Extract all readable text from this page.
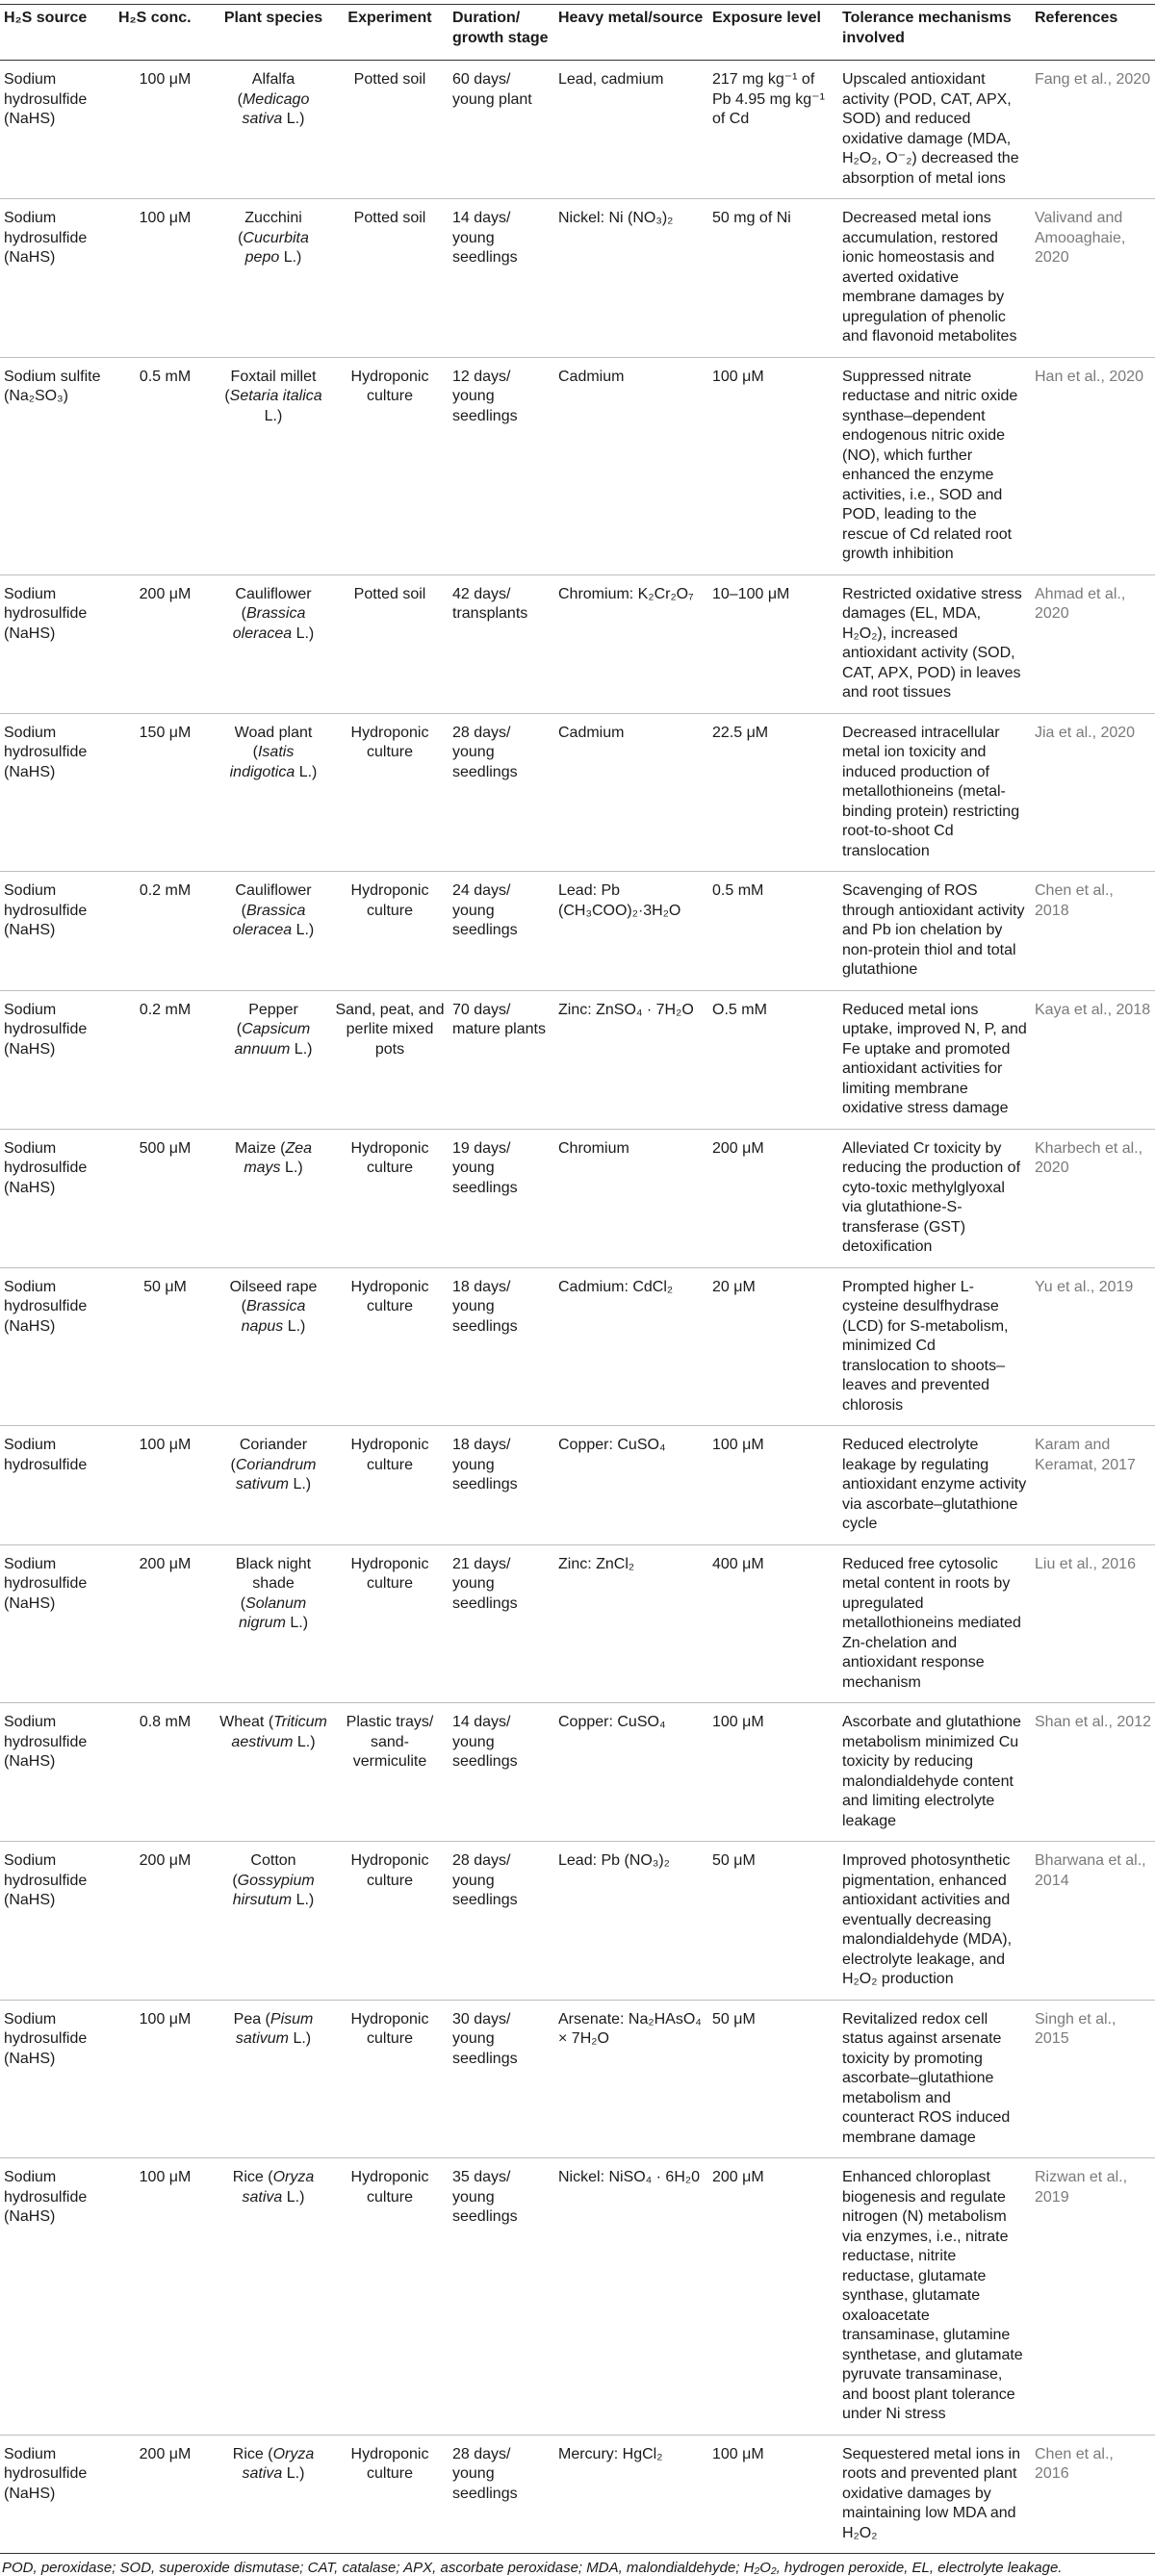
H₂S source	H₂S conc.	Plant species	Experiment	Duration/ growth stage	Heavy metal/source	Exposure level	Tolerance mechanisms involved	References
Sodium hydrosulfide (NaHS)	100 μM	Alfalfa (Medicago sativa L.)	Potted soil	60 days/ young plant	Lead, cadmium	217 mg kg⁻¹ of Pb 4.95 mg kg⁻¹ of Cd	Upscaled antioxidant activity (POD, CAT, APX, SOD) and reduced oxidative damage (MDA, H₂O₂, O⁻₂) decreased the absorption of metal ions	Fang et al., 2020
Sodium hydrosulfide (NaHS)	100 μM	Zucchini (Cucurbita pepo L.)	Potted soil	14 days/ young seedlings	Nickel: Ni (NO₃)₂	50 mg of Ni	Decreased metal ions accumulation, restored ionic homeostasis and averted oxidative membrane damages by upregulation of phenolic and flavonoid metabolites	Valivand and Amooaghaie, 2020
Sodium sulfite (Na₂SO₃)	0.5 mM	Foxtail millet (Setaria italica L.)	Hydroponic culture	12 days/ young seedlings	Cadmium	100 μM	Suppressed nitrate reductase and nitric oxide synthase–dependent endogenous nitric oxide (NO), which further enhanced the enzyme activities, i.e., SOD and POD, leading to the rescue of Cd related root growth inhibition	Han et al., 2020
Sodium hydrosulfide (NaHS)	200 μM	Cauliflower (Brassica oleracea L.)	Potted soil	42 days/ transplants	Chromium: K₂Cr₂O₇	10–100 μM	Restricted oxidative stress damages (EL, MDA, H₂O₂), increased antioxidant activity (SOD, CAT, APX, POD) in leaves and root tissues	Ahmad et al., 2020
Sodium hydrosulfide (NaHS)	150 μM	Woad plant (Isatis indigotica L.)	Hydroponic culture	28 days/ young seedlings	Cadmium	22.5 μM	Decreased intracellular metal ion toxicity and induced production of metallothioneins (metal-binding protein) restricting root-to-shoot Cd translocation	Jia et al., 2020
Sodium hydrosulfide (NaHS)	0.2 mM	Cauliflower (Brassica oleracea L.)	Hydroponic culture	24 days/ young seedlings	Lead: Pb (CH₃COO)₂·3H₂O	0.5 mM	Scavenging of ROS through antioxidant activity and Pb ion chelation by non-protein thiol and total glutathione	Chen et al., 2018
Sodium hydrosulfide (NaHS)	0.2 mM	Pepper (Capsicum annuum L.)	Sand, peat, and perlite mixed pots	70 days/ mature plants	Zinc: ZnSO₄ · 7H₂O	O.5 mM	Reduced metal ions uptake, improved N, P, and Fe uptake and promoted antioxidant activities for limiting membrane oxidative stress damage	Kaya et al., 2018
Sodium hydrosulfide (NaHS)	500 μM	Maize (Zea mays L.)	Hydroponic culture	19 days/ young seedlings	Chromium	200 μM	Alleviated Cr toxicity by reducing the production of cyto-toxic methylglyoxal via glutathione-S-transferase (GST) detoxification	Kharbech et al., 2020
Sodium hydrosulfide (NaHS)	50 μM	Oilseed rape (Brassica napus L.)	Hydroponic culture	18 days/ young seedlings	Cadmium: CdCl₂	20 μM	Prompted higher L-cysteine desulfhydrase (LCD) for S-metabolism, minimized Cd translocation to shoots–leaves and prevented chlorosis	Yu et al., 2019
Sodium hydrosulfide	100 μM	Coriander (Coriandrum sativum L.)	Hydroponic culture	18 days/ young seedlings	Copper: CuSO₄	100 μM	Reduced electrolyte leakage by regulating antioxidant enzyme activity via ascorbate–glutathione cycle	Karam and Keramat, 2017
Sodium hydrosulfide (NaHS)	200 μM	Black night shade (Solanum nigrum L.)	Hydroponic culture	21 days/ young seedlings	Zinc: ZnCl₂	400 μM	Reduced free cytosolic metal content in roots by upregulated metallothioneins mediated Zn-chelation and antioxidant response mechanism	Liu et al., 2016
Sodium hydrosulfide (NaHS)	0.8 mM	Wheat (Triticum aestivum L.)	Plastic trays/ sand-vermiculite	14 days/ young seedlings	Copper: CuSO₄	100 μM	Ascorbate and glutathione metabolism minimized Cu toxicity by reducing malondialdehyde content and limiting electrolyte leakage	Shan et al., 2012
Sodium hydrosulfide (NaHS)	200 μM	Cotton (Gossypium hirsutum L.)	Hydroponic culture	28 days/ young seedlings	Lead: Pb (NO₃)₂	50 μM	Improved photosynthetic pigmentation, enhanced antioxidant activities and eventually decreasing malondialdehyde (MDA), electrolyte leakage, and H₂O₂ production	Bharwana et al., 2014
Sodium hydrosulfide (NaHS)	100 μM	Pea (Pisum sativum L.)	Hydroponic culture	30 days/ young seedlings	Arsenate: Na₂HAsO₄ × 7H₂O	50 μM	Revitalized redox cell status against arsenate toxicity by promoting ascorbate–glutathione metabolism and counteract ROS induced membrane damage	Singh et al., 2015
Sodium hydrosulfide (NaHS)	100 μM	Rice (Oryza sativa L.)	Hydroponic culture	35 days/ young seedlings	Nickel: NiSO₄ · 6H₂0	200 μM	Enhanced chloroplast biogenesis and regulate nitrogen (N) metabolism via enzymes, i.e., nitrate reductase, nitrite reductase, glutamate synthase, glutamate oxaloacetate transaminase, glutamine synthetase, and glutamate pyruvate transaminase, and boost plant tolerance under Ni stress	Rizwan et al., 2019
Sodium hydrosulfide (NaHS)	200 μM	Rice (Oryza sativa L.)	Hydroponic culture	28 days/ young seedlings	Mercury: HgCl₂	100 μM	Sequestered metal ions in roots and prevented plant oxidative damages by maintaining low MDA and H₂O₂	Chen et al., 2016
POD, peroxidase; SOD, superoxide dismutase; CAT, catalase; APX, ascorbate peroxidase; MDA, malondialdehyde; H₂O₂, hydrogen peroxide, EL, electrolyte leakage.
